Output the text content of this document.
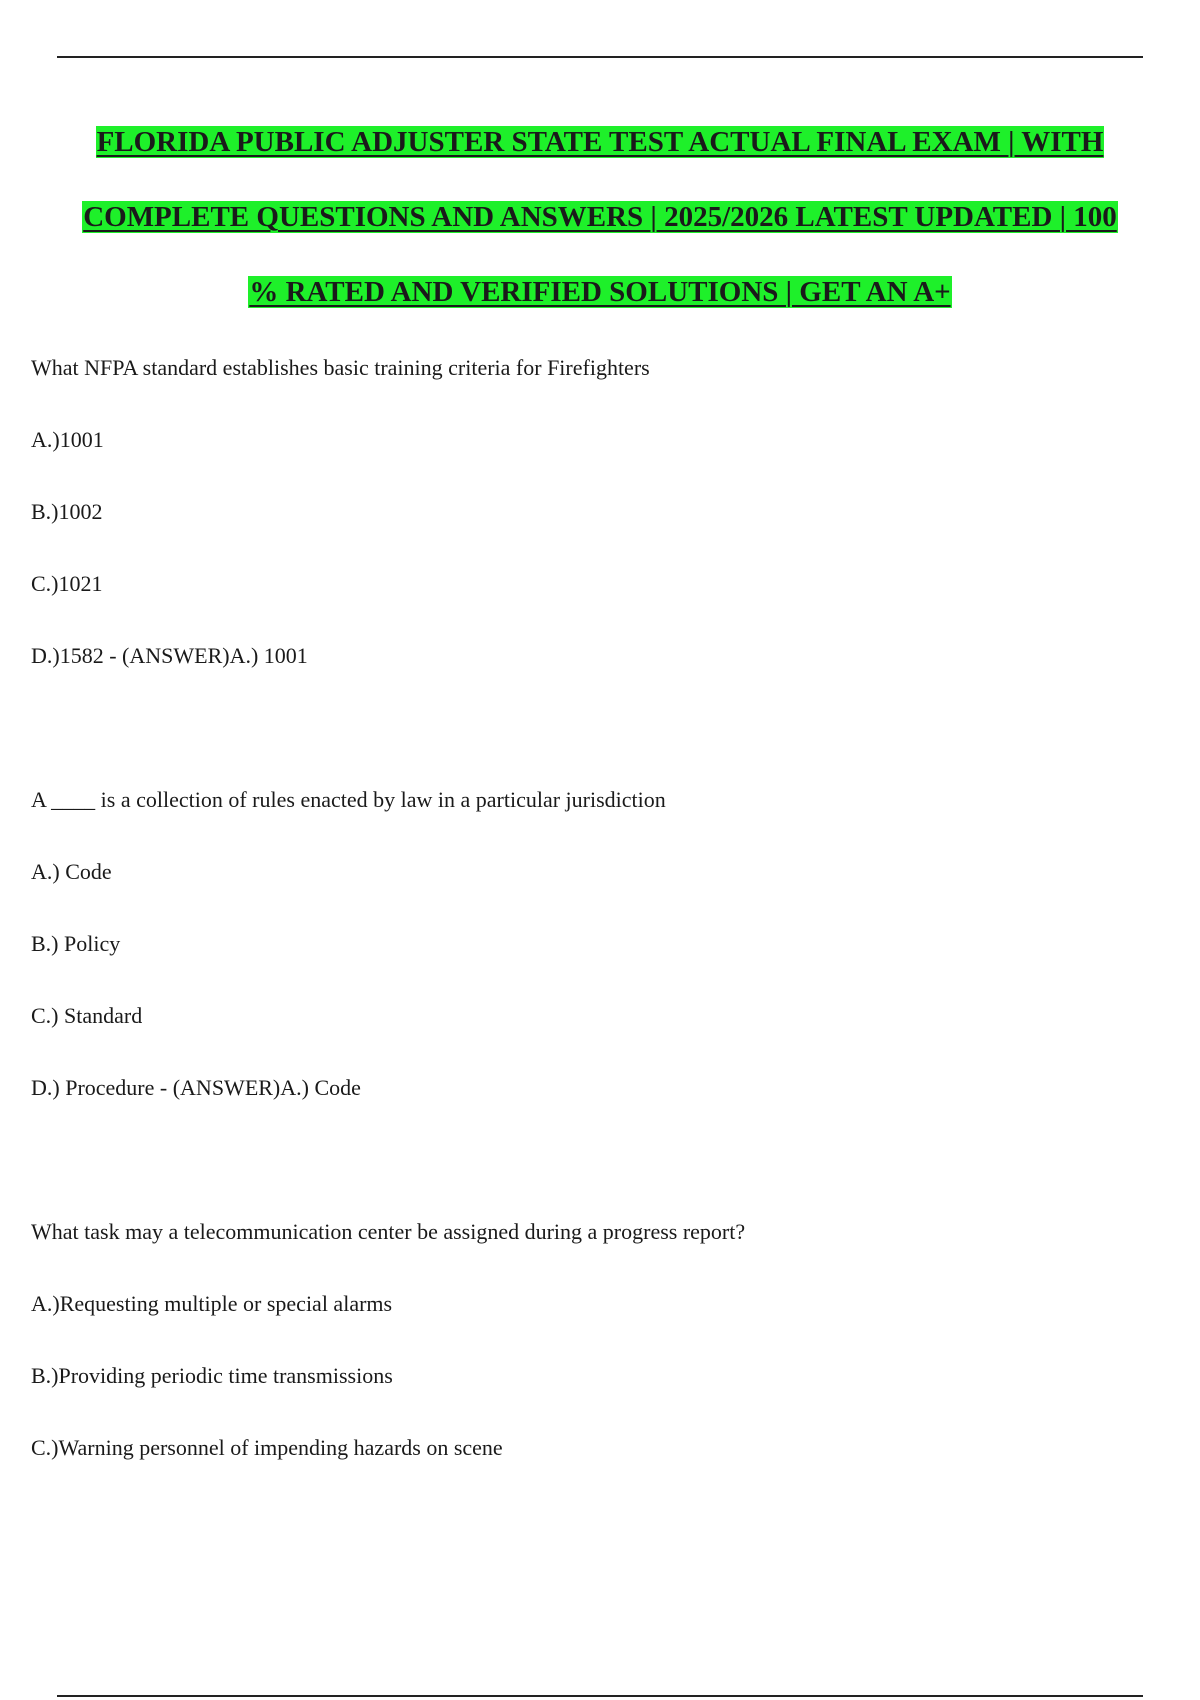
FLORIDA PUBLIC ADJUSTER STATE TEST ACTUAL FINAL EXAM | WITH
COMPLETE QUESTIONS AND ANSWERS | 2025/2026 LATEST UPDATED | 100
% RATED AND VERIFIED SOLUTIONS | GET AN A+
What NFPA standard establishes basic training criteria for Firefighters
A.)1001
B.)1002
C.)1021
D.)1582 - (ANSWER)A.) 1001
A ____ is a collection of rules enacted by law in a particular jurisdiction
A.) Code
B.) Policy
C.) Standard
D.) Procedure - (ANSWER)A.) Code
What task may a telecommunication center be assigned during a progress report?
A.)Requesting multiple or special alarms
B.)Providing periodic time transmissions
C.)Warning personnel of impending hazards on scene
